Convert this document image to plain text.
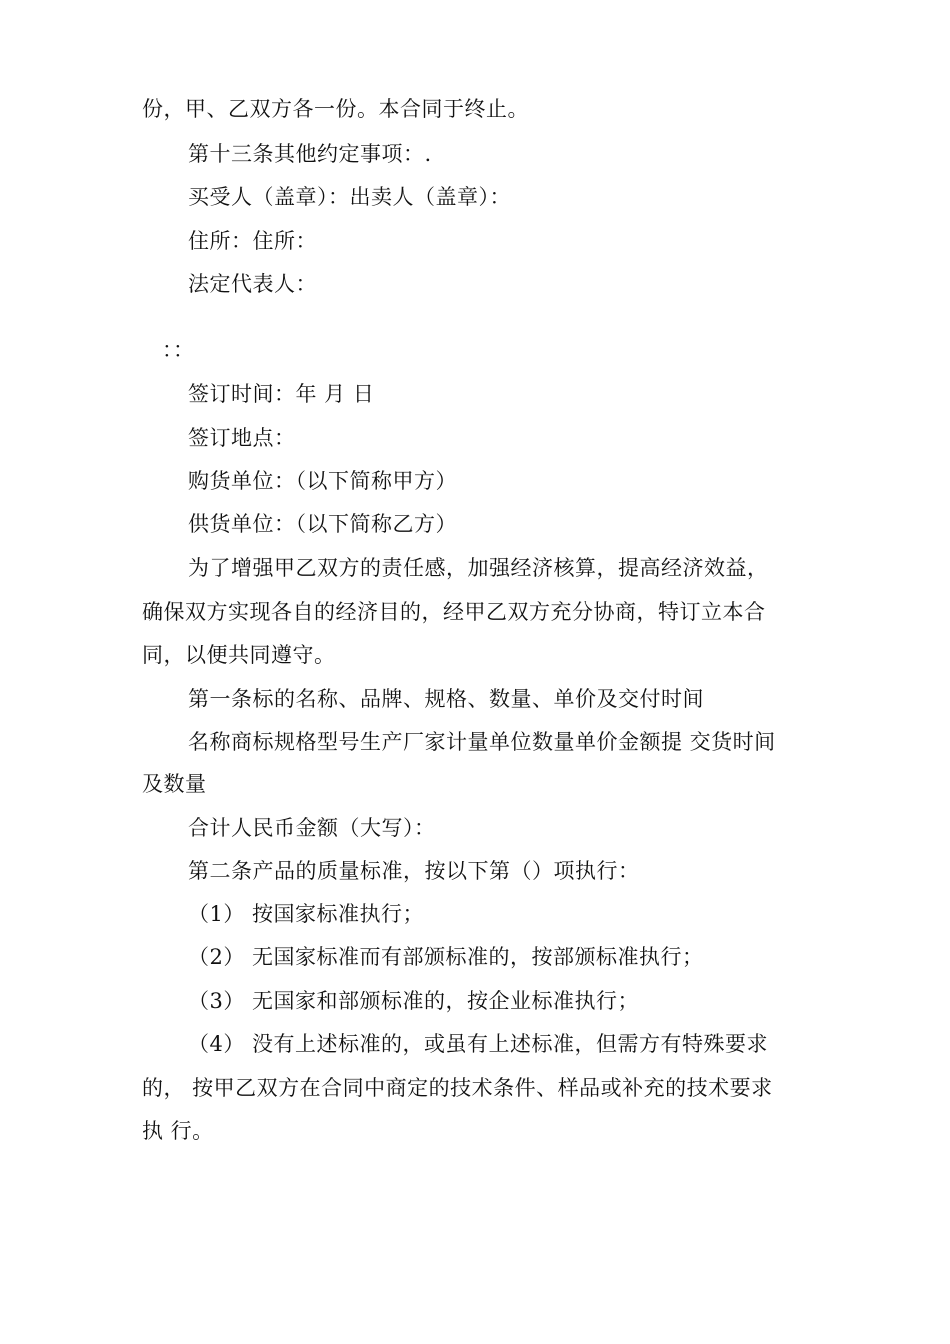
份，甲、乙双方各一份。本合同于终止。

第十三条其他约定事项：.

买受人（盖章）：出卖人（盖章）：

住所：住所：

法定代表人：

：：

签订时间：年 月 日

签订地点：

购货单位：（以下简称甲方）

供货单位：（以下简称乙方）

为了增强甲乙双方的责任感，加强经济核算，提高经济效益，

确保双方实现各自的经济目的，经甲乙双方充分协商，特订立本合

同，以便共同遵守。

第一条标的名称、品牌、规格、数量、单价及交付时间

名称商标规格型号生产厂家计量单位数量单价金额提 交货时间

及数量

合计人民币金额（大写）：

第二条产品的质量标准，按以下第（）项执行：

（1） 按国家标准执行；

（2） 无国家标准而有部颁标准的，按部颁标准执行；

（3） 无国家和部颁标准的，按企业标准执行；

（4） 没有上述标准的，或虽有上述标准，但需方有特殊要求

的， 按甲乙双方在合同中商定的技术条件、样品或补充的技术要求

执 行。
